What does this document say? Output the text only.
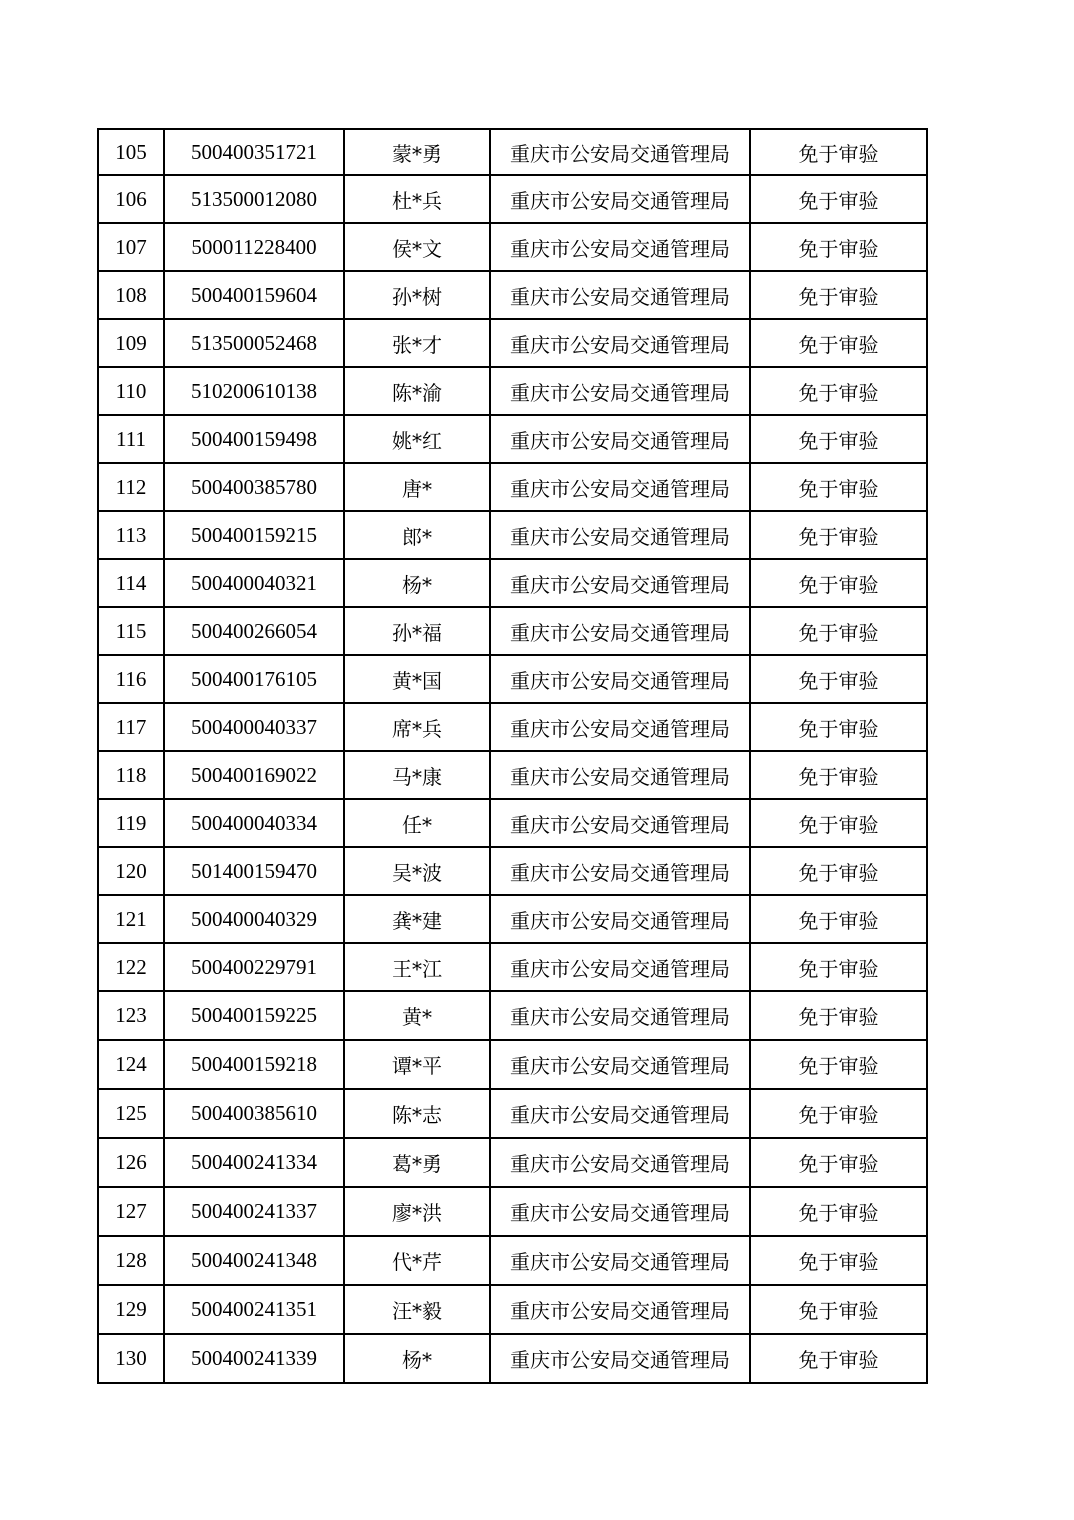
105	500400351721	蒙*勇	重庆市公安局交通管理局	免于审验
106	513500012080	杜*兵	重庆市公安局交通管理局	免于审验
107	500011228400	侯*文	重庆市公安局交通管理局	免于审验
108	500400159604	孙*树	重庆市公安局交通管理局	免于审验
109	513500052468	张*才	重庆市公安局交通管理局	免于审验
110	510200610138	陈*渝	重庆市公安局交通管理局	免于审验
111	500400159498	姚*红	重庆市公安局交通管理局	免于审验
112	500400385780	唐*	重庆市公安局交通管理局	免于审验
113	500400159215	郎*	重庆市公安局交通管理局	免于审验
114	500400040321	杨*	重庆市公安局交通管理局	免于审验
115	500400266054	孙*福	重庆市公安局交通管理局	免于审验
116	500400176105	黄*国	重庆市公安局交通管理局	免于审验
117	500400040337	席*兵	重庆市公安局交通管理局	免于审验
118	500400169022	马*康	重庆市公安局交通管理局	免于审验
119	500400040334	任*	重庆市公安局交通管理局	免于审验
120	501400159470	吴*波	重庆市公安局交通管理局	免于审验
121	500400040329	龚*建	重庆市公安局交通管理局	免于审验
122	500400229791	王*江	重庆市公安局交通管理局	免于审验
123	500400159225	黄*	重庆市公安局交通管理局	免于审验
124	500400159218	谭*平	重庆市公安局交通管理局	免于审验
125	500400385610	陈*志	重庆市公安局交通管理局	免于审验
126	500400241334	葛*勇	重庆市公安局交通管理局	免于审验
127	500400241337	廖*洪	重庆市公安局交通管理局	免于审验
128	500400241348	代*芹	重庆市公安局交通管理局	免于审验
129	500400241351	汪*毅	重庆市公安局交通管理局	免于审验
130	500400241339	杨*	重庆市公安局交通管理局	免于审验
